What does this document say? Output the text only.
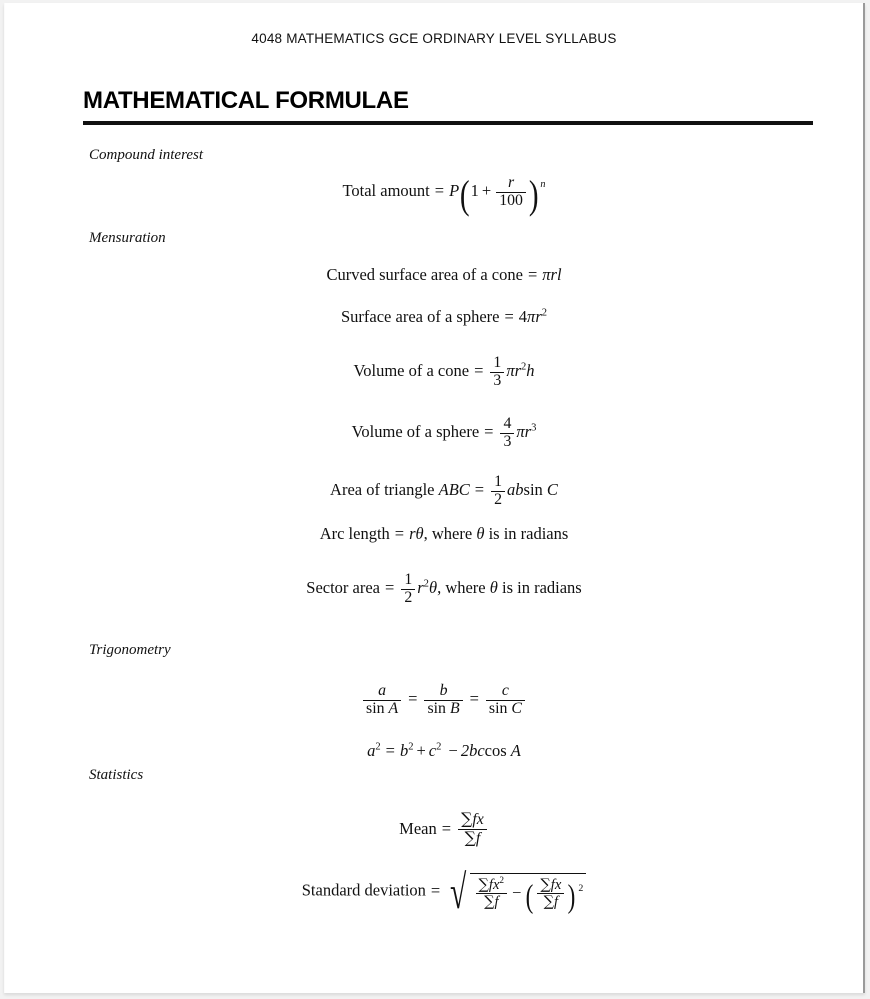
4048 MATHEMATICS GCE ORDINARY LEVEL SYLLABUS
MATHEMATICAL FORMULAE
Compound interest
Total amount = $P(1 + \frac{r}{100}$ ) n
Mensuration
Curved surface area of a cone = πrl
Surface area of a sphere = $4\pi r^2$
Volume of a cone = $\frac{1}{3} \pi r^2h$
Volume of a sphere = $\frac{4}{3} \pi r^3$
Area of triangle ABC = $\frac{1}{2}$ absin C
Arc length = rθ, where θ is in radians
Sector area = $\frac{1}{2} r^2\theta$, where θ is in radians
Trigonometry
$\frac{a}{\text{sin A}} = \frac{b}{\text{sin B}} = \frac{c}{\text{sin C}}$
$a^2 = b^2 + c^2 - 2bccos$ A
Statistics
Mean = $\frac{\sum fx}{\sum f}$
Standard deviation = √ $\frac{\sum fx^2}{\sum f}$ − ( $\frac{\sum fx}{\sum f}$ ) 2
